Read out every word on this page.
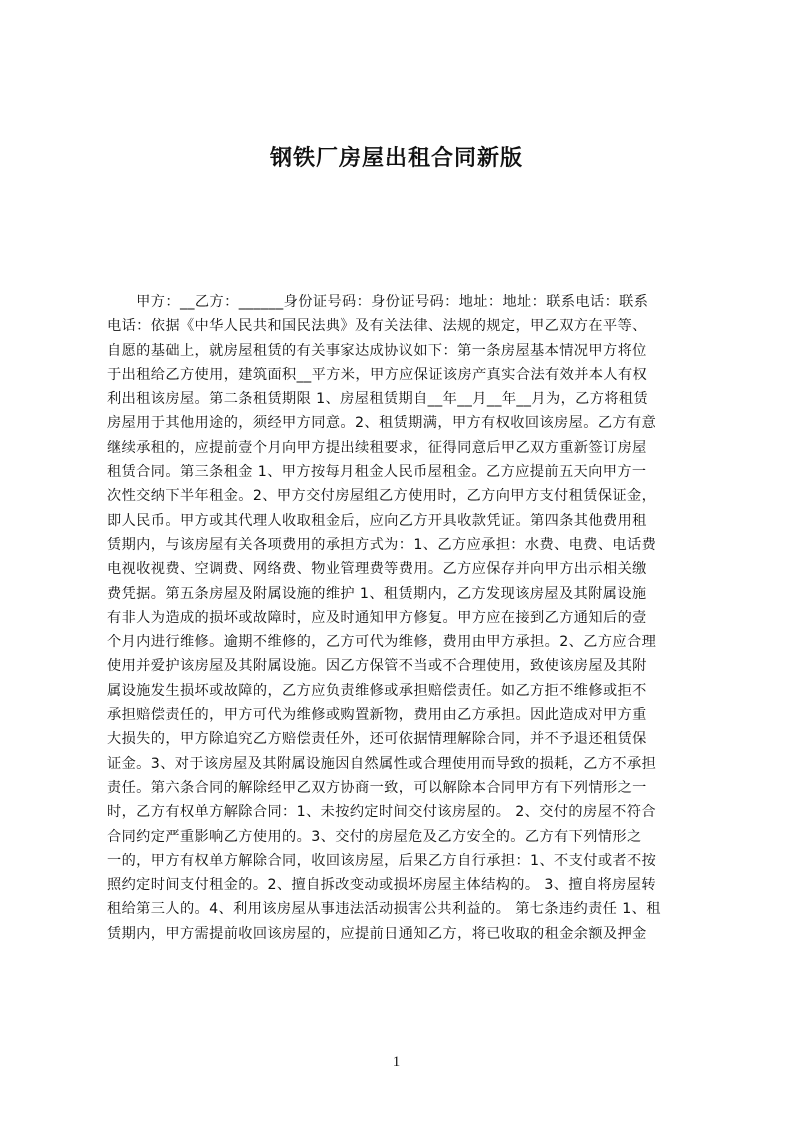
钢铁厂房屋出租合同新版
　　甲方：__乙方：______身份证号码：身份证号码：地址：地址：联系电话：联系
电话：依据《中华人民共和国民法典》及有关法律、法规的规定，甲乙双方在平等、
自愿的基础上，就房屋租赁的有关事家达成协议如下：第一条房屋基本情况甲方将位
于出租给乙方使用，建筑面积__平方米，甲方应保证该房产真实合法有效并本人有权
利出租该房屋。第二条租赁期限 1、房屋租赁期自__年__月__年__月为，乙方将租赁
房屋用于其他用途的，须经甲方同意。2、租赁期满，甲方有权收回该房屋。乙方有意
继续承租的，应提前壹个月向甲方提出续租要求，征得同意后甲乙双方重新签订房屋
租赁合同。第三条租金 1、甲方按每月租金人民币屋租金。乙方应提前五天向甲方一
次性交纳下半年租金。2、甲方交付房屋组乙方使用时，乙方向甲方支付租赁保证金，
即人民币。甲方或其代理人收取租金后，应向乙方开具收款凭证。第四条其他费用租
赁期内，与该房屋有关各项费用的承担方式为：1、乙方应承担：水费、电费、电话费
电视收视费、空调费、网络费、物业管理费等费用。乙方应保存并向甲方出示相关缴
费凭据。第五条房屋及附属设施的维护 1、租赁期内，乙方发现该房屋及其附属设施
有非人为造成的损坏或故障时，应及时通知甲方修复。甲方应在接到乙方通知后的壹
个月内进行维修。逾期不维修的，乙方可代为维修，费用由甲方承担。2、乙方应合理
使用并爱护该房屋及其附属设施。因乙方保管不当或不合理使用，致使该房屋及其附
属设施发生损坏或故障的，乙方应负责维修或承担赔偿责任。如乙方拒不维修或拒不
承担赔偿责任的，甲方可代为维修或购置新物，费用由乙方承担。因此造成对甲方重
大损失的，甲方除追究乙方赔偿责任外，还可依据情理解除合同，并不予退还租赁保
证金。3、对于该房屋及其附属设施因自然属性或合理使用而导致的损耗，乙方不承担
责任。第六条合同的解除经甲乙双方协商一致，可以解除本合同甲方有下列情形之一
时，乙方有权单方解除合同：1、未按约定时间交付该房屋的。 2、交付的房屋不符合
合同约定严重影响乙方使用的。3、交付的房屋危及乙方安全的。乙方有下列情形之
一的，甲方有权单方解除合同，收回该房屋，后果乙方自行承担：1、不支付或者不按
照约定时间支付租金的。2、擅自拆改变动或损坏房屋主体结构的。 3、擅自将房屋转
租给第三人的。4、利用该房屋从事违法活动损害公共利益的。 第七条违约责任 1、租
赁期内，甲方需提前收回该房屋的，应提前日通知乙方，将已收取的租金余额及押金
1
